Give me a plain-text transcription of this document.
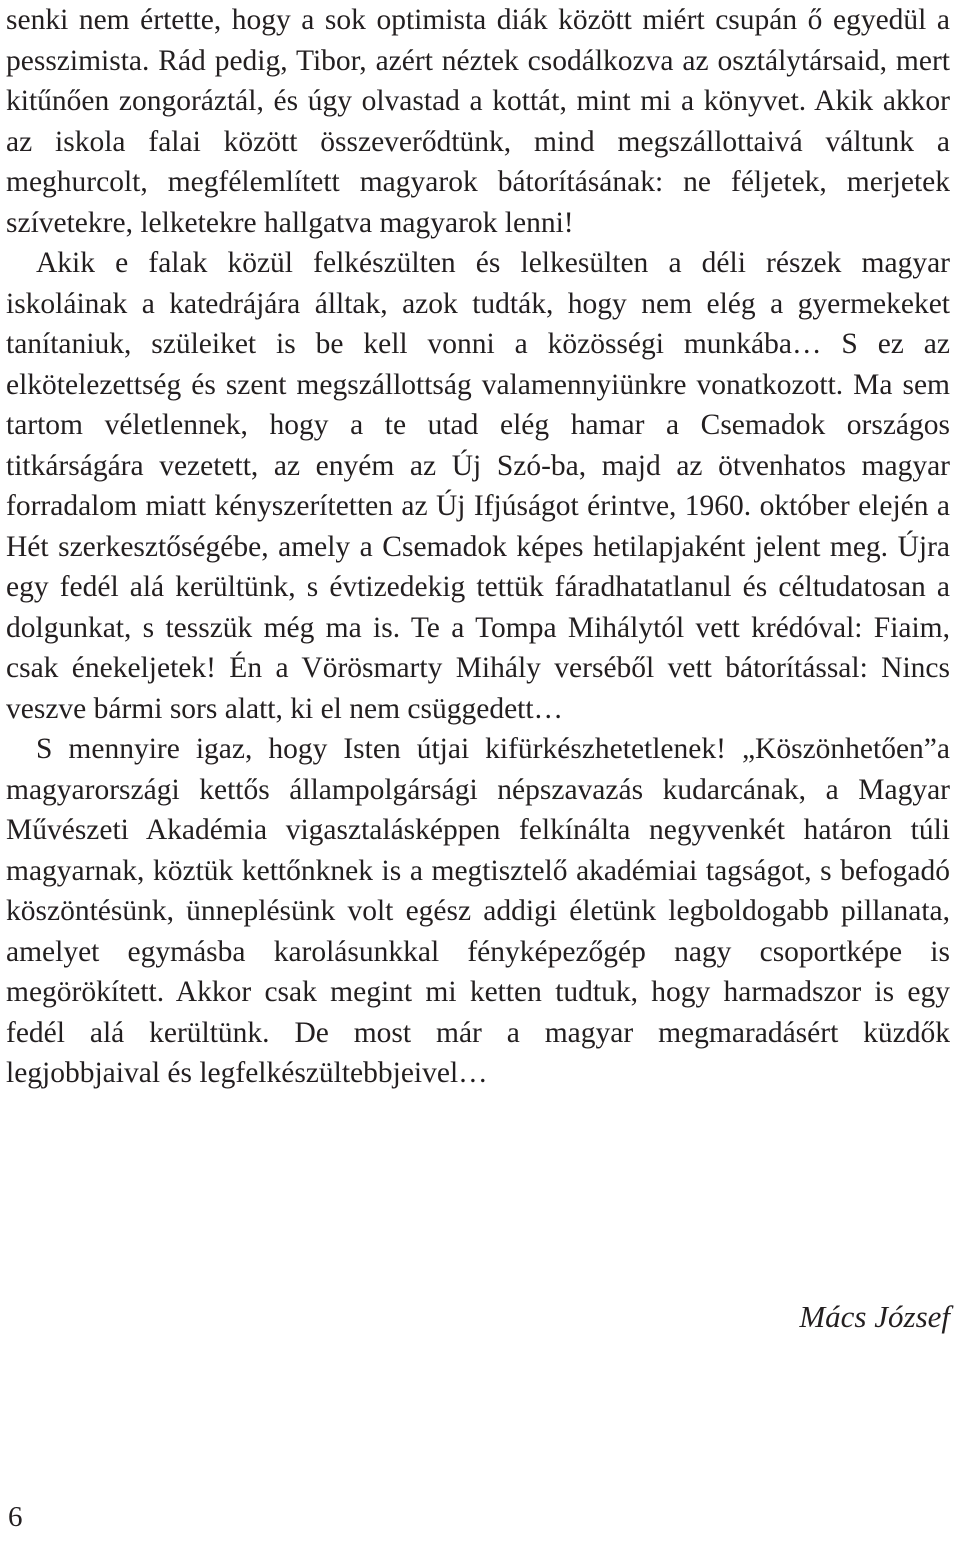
senki nem értette, hogy a sok optimista diák között miért csupán ő egyedül a pesszimista. Rád pedig, Tibor, azért néztek csodálkozva az osztálytársaid, mert kitűnően zongoráztál, és úgy olvastad a kottát, mint mi a könyvet. Akik akkor az iskola falai között összeverődtünk, mind megszállottaivá váltunk a meghurcolt, megfélemlített magyarok bátorításának: ne féljetek, merjetek szívetekre, lelketekre hallgatva magyarok lenni!

Akik e falak közül felkészülten és lelkesülten a déli részek magyar iskoláinak a katedrájára álltak, azok tudták, hogy nem elég a gyermekeket tanítaniuk, szüleiket is be kell vonni a közösségi munkába… S ez az elkötelezettség és szent megszállottság valamennyiünkre vonatkozott. Ma sem tartom véletlennek, hogy a te utad elég hamar a Csemadok országos titkárságára vezetett, az enyém az Új Szó-ba, majd az ötvenhatos magyar forradalom miatt kényszerítetten az Új Ifjúságot érintve, 1960. október elején a Hét szerkesztőségébe, amely a Csemadok képes hetilapjaként jelent meg. Újra egy fedél alá kerültünk, s évtizedekig tettük fáradhatatlanul és céltudatosan a dolgunkat, s tesszük még ma is. Te a Tompa Mihálytól vett krédóval: Fiaim, csak énekeljetek! Én a Vörösmarty Mihály verséből vett bátorítással: Nincs veszve bármi sors alatt, ki el nem csüggedett…

S mennyire igaz, hogy Isten útjai kifürkészhetetlenek! „Köszönhetően”a magyarországi kettős állampolgársági népszavazás kudarcának, a Magyar Művészeti Akadémia vigasztalásképpen felkínálta negyvenkét határon túli magyarnak, köztük kettőnknek is a megtisztelő akadémiai tagságot, s befogadó köszöntésünk, ünneplésünk volt egész addigi életünk legboldogabb pillanata, amelyet egymásba karolásunkkal fényképezőgép nagy csoportképe is megörökített. Akkor csak megint mi ketten tudtuk, hogy harmadszor is egy fedél alá kerültünk. De most már a magyar megmaradásért küzdők legjobbjaival és legfelkészültebbjeivel…

Mács József
6
